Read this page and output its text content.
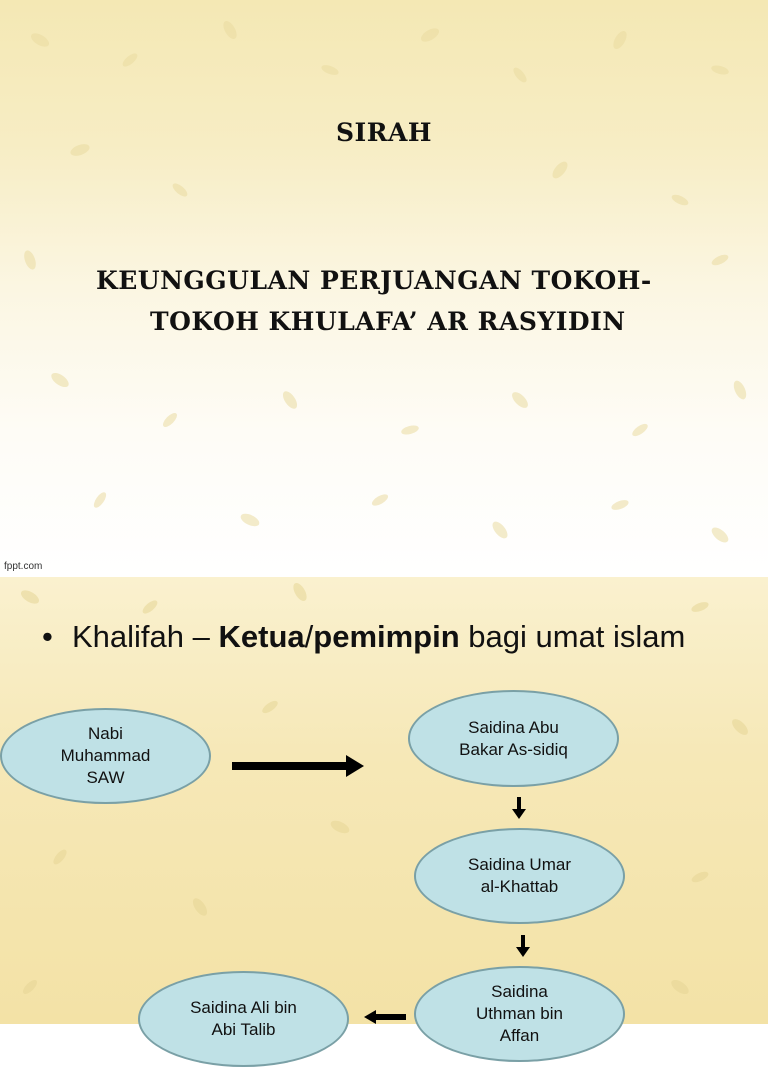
SIRAH
KEUNGGULAN PERJUANGAN TOKOH-
TOKOH KHULAFA’ AR RASYIDIN
fppt.com
• Khalifah – Ketua/pemimpin bagi umat islam
Nabi
Muhammad
SAW
Saidina Abu
Bakar As-sidiq
Saidina Umar
al-Khattab
Saidina
Uthman bin
Affan
Saidina Ali bin
Abi Talib
